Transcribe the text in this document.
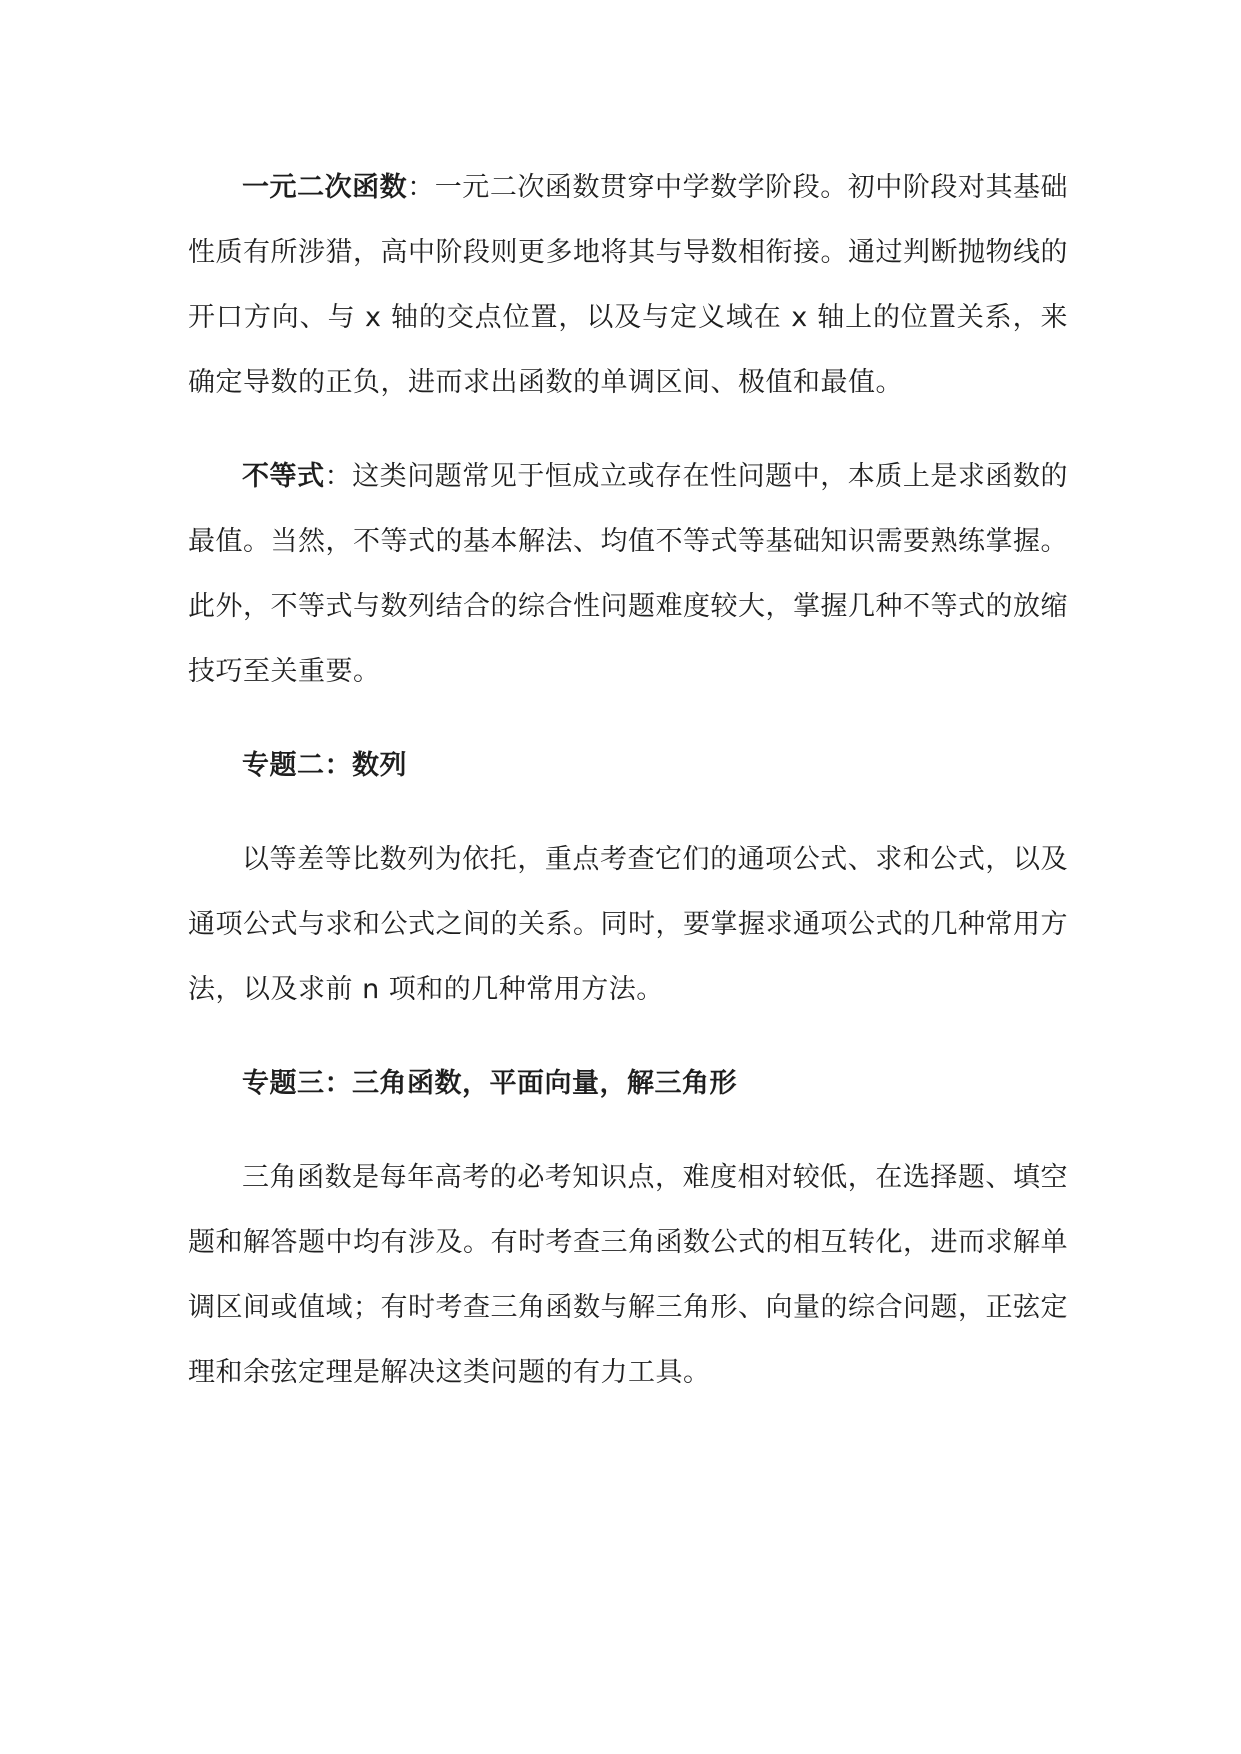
一元二次函数：一元二次函数贯穿中学数学阶段。初中阶段对其基础性质有所涉猎，高中阶段则更多地将其与导数相衔接。通过判断抛物线的开口方向、与 x 轴的交点位置，以及与定义域在 x 轴上的位置关系，来确定导数的正负，进而求出函数的单调区间、极值和最值。

不等式：这类问题常见于恒成立或存在性问题中，本质上是求函数的最值。当然，不等式的基本解法、均值不等式等基础知识需要熟练掌握。此外，不等式与数列结合的综合性问题难度较大，掌握几种不等式的放缩技巧至关重要。

专题二：数列

以等差等比数列为依托，重点考查它们的通项公式、求和公式，以及通项公式与求和公式之间的关系。同时，要掌握求通项公式的几种常用方法，以及求前 n 项和的几种常用方法。

专题三：三角函数，平面向量，解三角形

三角函数是每年高考的必考知识点，难度相对较低，在选择题、填空题和解答题中均有涉及。有时考查三角函数公式的相互转化，进而求解单调区间或值域；有时考查三角函数与解三角形、向量的综合问题，正弦定理和余弦定理是解决这类问题的有力工具。
